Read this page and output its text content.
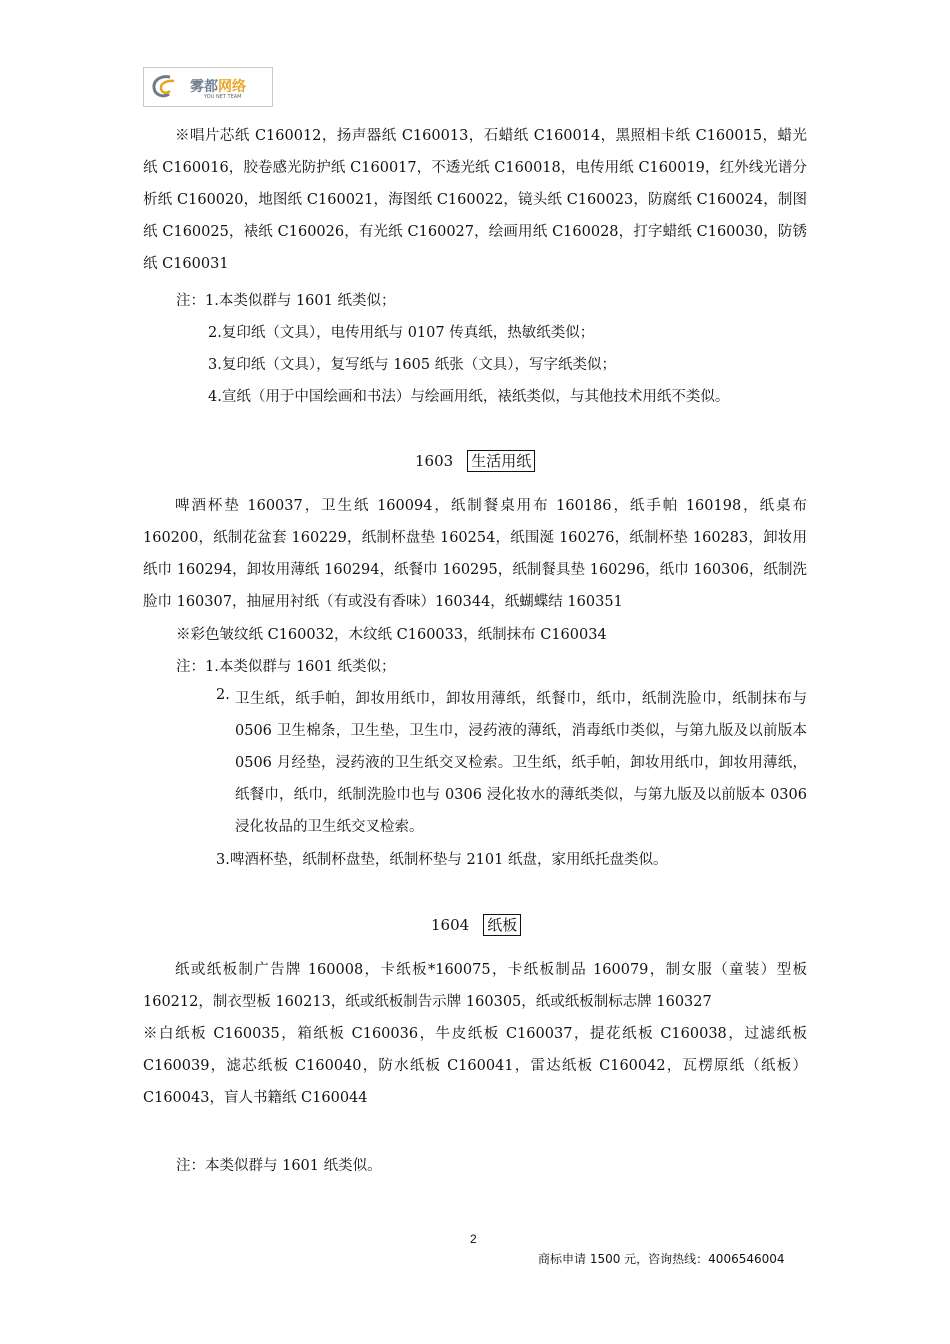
雾都网络
YOU NET TEAM
※唱片芯纸 C160012，扬声器纸 C160013，石蜡纸 C160014，黑照相卡纸 C160015，蜡光纸 C160016，胶卷感光防护纸 C160017，不透光纸 C160018，电传用纸 C160019，红外线光谱分析纸 C160020，地图纸 C160021，海图纸 C160022，镜头纸 C160023，防腐纸 C160024，制图纸 C160025，裱纸 C160026，有光纸 C160027，绘画用纸 C160028，打字蜡纸 C160030，防锈纸 C160031
注：1.本类似群与 1601 纸类似；
2.复印纸（文具），电传用纸与 0107 传真纸，热敏纸类似；
3.复印纸（文具），复写纸与 1605 纸张（文具），写字纸类似；
4.宣纸（用于中国绘画和书法）与绘画用纸，裱纸类似，与其他技术用纸不类似。
1603 生活用纸
啤酒杯垫 160037，卫生纸 160094，纸制餐桌用布 160186，纸手帕 160198，纸桌布 160200，纸制花盆套 160229，纸制杯盘垫 160254，纸围涎 160276，纸制杯垫 160283，卸妆用纸巾 160294，卸妆用薄纸 160294，纸餐巾 160295，纸制餐具垫 160296，纸巾 160306，纸制洗脸巾 160307，抽屉用衬纸（有或没有香味）160344，纸蝴蝶结 160351
※彩色皱纹纸 C160032，木纹纸 C160033，纸制抹布 C160034
注：1.本类似群与 1601 纸类似；
2. 卫生纸，纸手帕，卸妆用纸巾，卸妆用薄纸，纸餐巾，纸巾，纸制洗脸巾，纸制抹布与 0506 卫生棉条，卫生垫，卫生巾，浸药液的薄纸，消毒纸巾类似，与第九版及以前版本 0506 月经垫，浸药液的卫生纸交叉检索。卫生纸，纸手帕，卸妆用纸巾，卸妆用薄纸，纸餐巾，纸巾，纸制洗脸巾也与 0306 浸化妆水的薄纸类似，与第九版及以前版本 0306 浸化妆品的卫生纸交叉检索。
3.啤酒杯垫，纸制杯盘垫，纸制杯垫与 2101 纸盘，家用纸托盘类似。
1604 纸板
纸或纸板制广告牌 160008，卡纸板*160075，卡纸板制品 160079，制女服（童装）型板 160212，制衣型板 160213，纸或纸板制告示牌 160305，纸或纸板制标志牌 160327
※白纸板 C160035，箱纸板 C160036，牛皮纸板 C160037，提花纸板 C160038，过滤纸板 C160039，滤芯纸板 C160040，防水纸板 C160041，雷达纸板 C160042，瓦楞原纸（纸板）C160043，盲人书籍纸 C160044
注：本类似群与 1601 纸类似。
2
商标申请 1500 元，咨询热线：4006546004
